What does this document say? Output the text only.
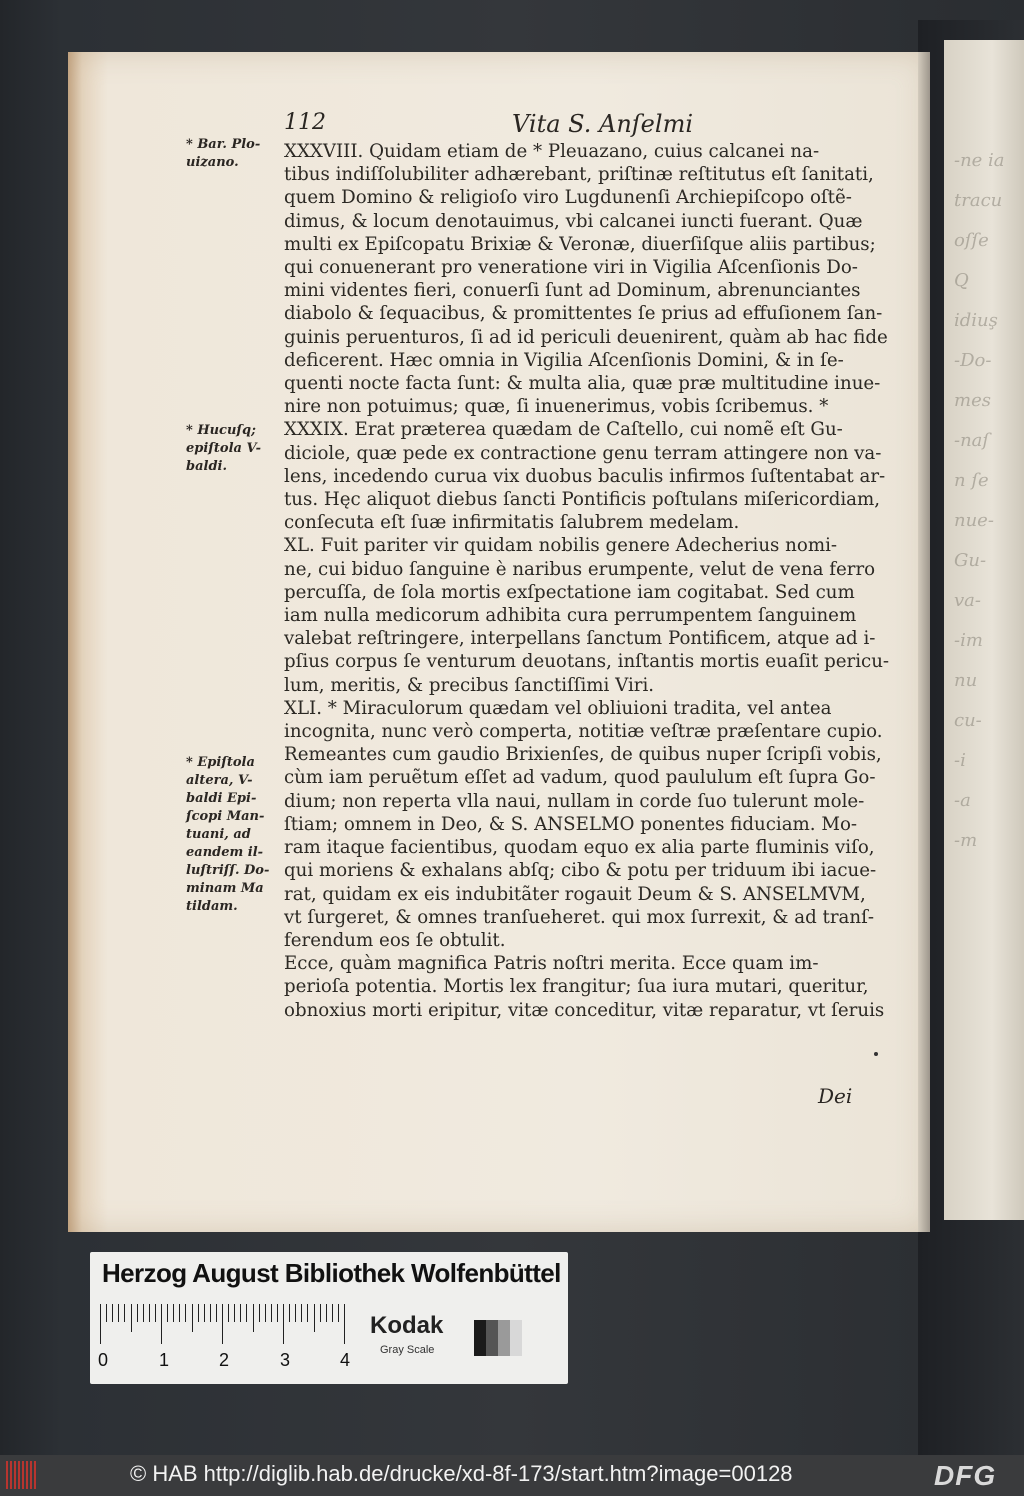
-ne ia
tracu
oſſe
Q
idiuş
-Do-
mes
-naſ
n ſe
nue-
Gu-
va-
-im
nu
cu-
-i
-a
-m
112	Vita S. Anſelmi

* Bar. Plo-

uizano.

* Hucuſq;

epiſtola V-

baldi.

* Epiſtola

altera, V-

baldi Epi-

ſcopi Man-

tuani, ad

eandem il-

luſtriſſ. Do-

minam Ma

tildam.

XXXVIII. Quidam etiam de * Pleuazano, cuius calcanei na-

tibus indiſſolubiliter adhærebant, priſtinæ reſtitutus eſt ſanitati,

quem Domino & religioſo viro Lugdunenſi Archiepiſcopo oſtẽ-

dimus, & locum denotauimus, vbi calcanei iuncti fuerant. Quæ

multi ex Epiſcopatu Brixiæ & Veronæ, diuerſiſque aliis partibus;

qui conuenerant pro veneratione viri in Vigilia Aſcenſionis Do-

mini videntes fieri, conuerſi ſunt ad Dominum, abrenunciantes

diabolo & ſequacibus, & promittentes ſe prius ad effuſionem ſan-

guinis peruenturos, ſi ad id periculi deuenirent, quàm ab hac fide

deficerent. Hæc omnia in Vigilia Aſcenſionis Domini, & in ſe-

quenti nocte facta ſunt: & multa alia, quæ præ multitudine inue-

nire non potuimus; quæ, ſi inuenerimus, vobis ſcribemus. *

XXXIX. Erat præterea quædam de Caſtello, cui nomẽ eſt Gu-

diciole, quæ pede ex contractione genu terram attingere non va-

lens, incedendo curua vix duobus baculis infirmos ſuſtentabat ar-

tus. Hęc aliquot diebus ſancti Pontificis poſtulans miſericordiam,

conſecuta eſt ſuæ infirmitatis ſalubrem medelam.

XL. Fuit pariter vir quidam nobilis genere Adecherius nomi-

ne, cui biduo ſanguine è naribus erumpente, velut de vena ferro

percuſſa, de ſola mortis exſpectatione iam cogitabat. Sed cum

iam nulla medicorum adhibita cura perrumpentem ſanguinem

valebat reſtringere, interpellans ſanctum Pontificem, atque ad i-

pſius corpus ſe venturum deuotans, inſtantis mortis euaſit pericu-

lum, meritis, & precibus ſanctiſſimi Viri.

XLI. * Miraculorum quædam vel obliuioni tradita, vel antea

incognita, nunc verò comperta, notitiæ veſtræ præſentare cupio.

Remeantes cum gaudio Brixienſes, de quibus nuper ſcripſi vobis,

cùm iam peruẽtum eſſet ad vadum, quod paululum eſt ſupra Go-

dium; non reperta vlla naui, nullam in corde ſuo tulerunt mole-

ſtiam; omnem in Deo, & S. ANSELMO ponentes fiduciam. Mo-

ram itaque facientibus, quodam equo ex alia parte fluminis viſo,

qui moriens & exhalans abſq; cibo & potu per triduum ibi iacue-

rat, quidam ex eis indubitãter rogauit Deum & S. ANSELMVM,

vt ſurgeret, & omnes tranſueheret. qui mox ſurrexit, & ad tranſ-

ferendum eos ſe obtulit.

Ecce, quàm magnifica Patris noſtri merita. Ecce quam im-

perioſa potentia. Mortis lex frangitur; ſua iura mutari, queritur,

obnoxius morti eripitur, vitæ conceditur, vitæ reparatur, vt ſeruis

Dei
Herzog August Bibliothek Wolfenbüttel
0	1	2	3	4
Kodak
Gray Scale
© HAB http://diglib.hab.de/drucke/xd-8f-173/start.htm?image=00128	DFG
